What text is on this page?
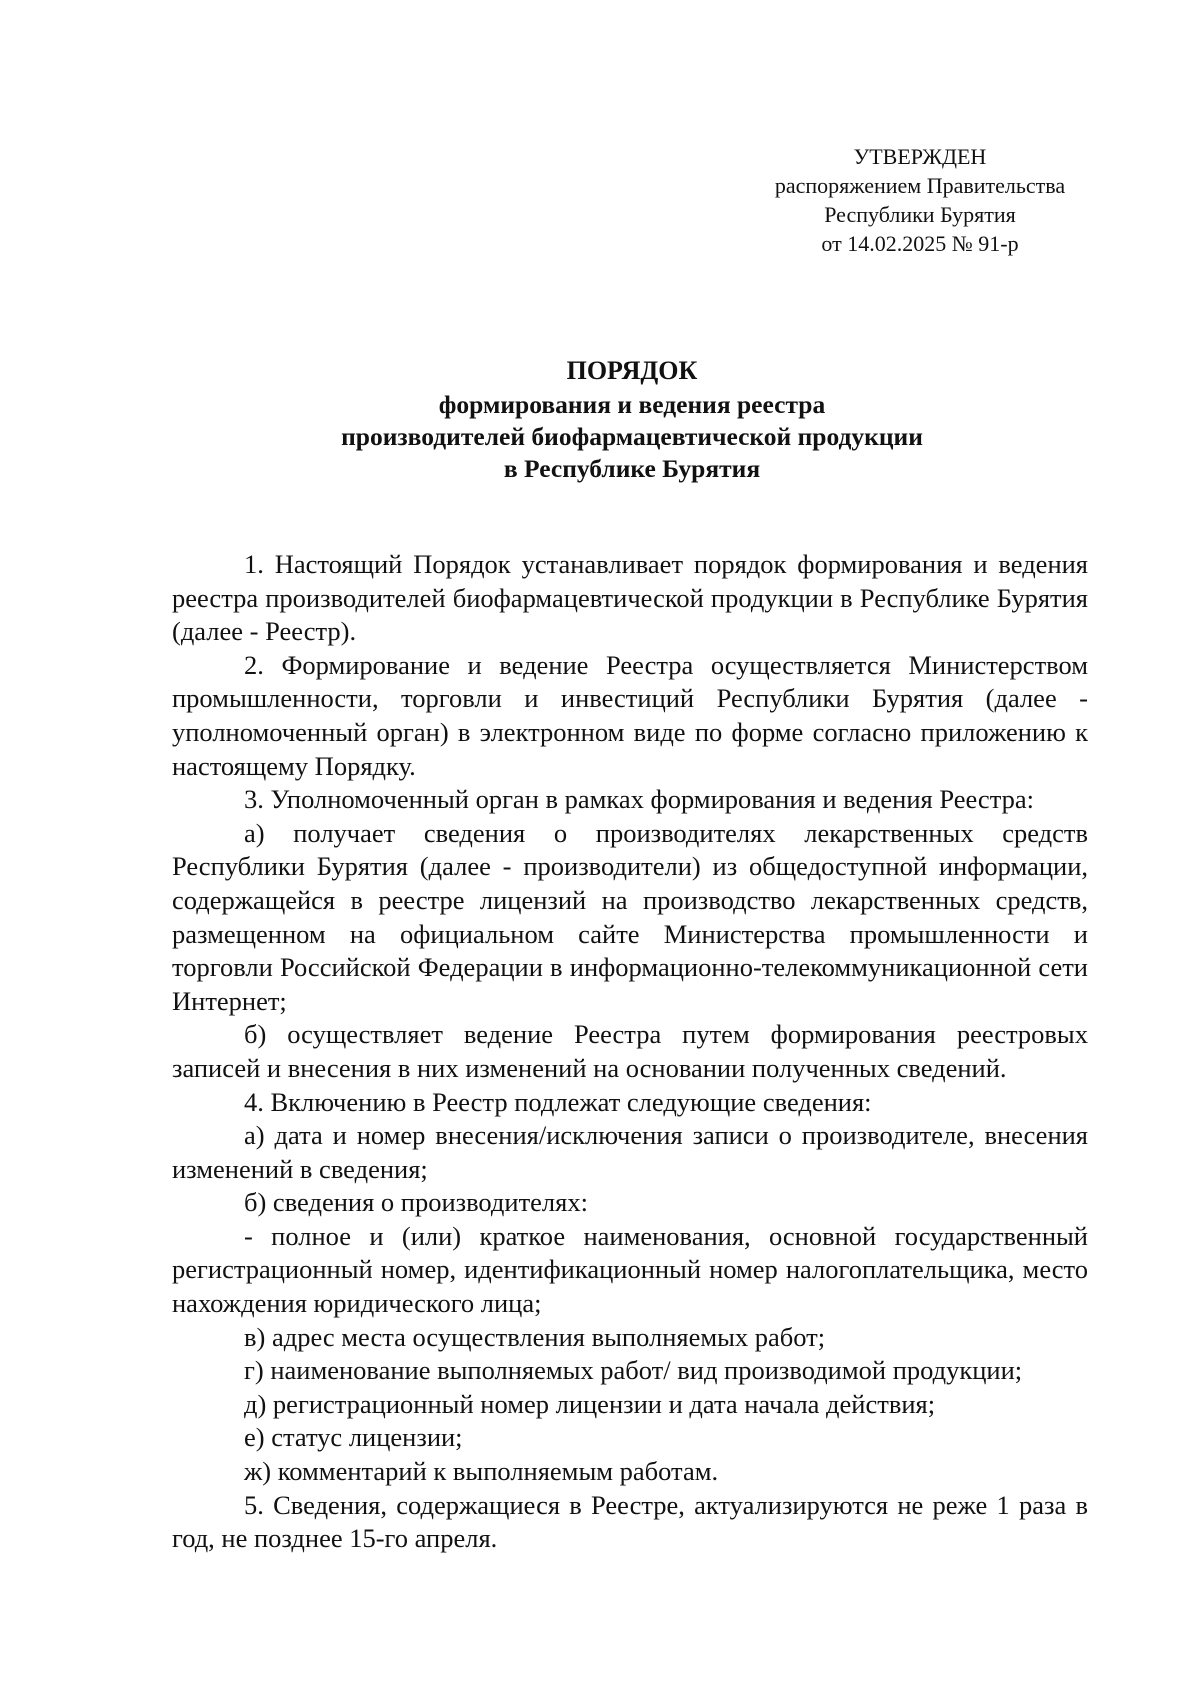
УТВЕРЖДЕН
распоряжением Правительства
Республики Бурятия
от 14.02.2025 № 91-р
ПОРЯДОК
формирования и ведения реестра
производителей биофармацевтической продукции
в Республике Бурятия

1. Настоящий Порядок устанавливает порядок формирования и ведения реестра производителей биофармацевтической продукции в Республике Бурятия (далее - Реестр).

2. Формирование и ведение Реестра осуществляется Министерством промышленности, торговли и инвестиций Республики Бурятия (далее - уполномоченный орган) в электронном виде по форме согласно приложению к настоящему Порядку.

3. Уполномоченный орган в рамках формирования и ведения Реестра:

а) получает сведения о производителях лекарственных средств Республики Бурятия (далее - производители) из общедоступной информации, содержащейся в реестре лицензий на производство лекарственных средств, размещенном на официальном сайте Министерства промышленности и торговли Российской Федерации в информационно-телекоммуникационной сети Интернет;

б) осуществляет ведение Реестра путем формирования реестровых записей и внесения в них изменений на основании полученных сведений.

4. Включению в Реестр подлежат следующие сведения:

а) дата и номер внесения/исключения записи о производителе, внесения изменений в сведения;

б) сведения о производителях:

- полное и (или) краткое наименования, основной государственный регистрационный номер, идентификационный номер налогоплательщика, место нахождения юридического лица;

в) адрес места осуществления выполняемых работ;

г) наименование выполняемых работ/ вид производимой продукции;

д) регистрационный номер лицензии и дата начала действия;

е) статус лицензии;

ж) комментарий к выполняемым работам.

5. Сведения, содержащиеся в Реестре, актуализируются не реже 1 раза в год, не позднее 15-го апреля.
